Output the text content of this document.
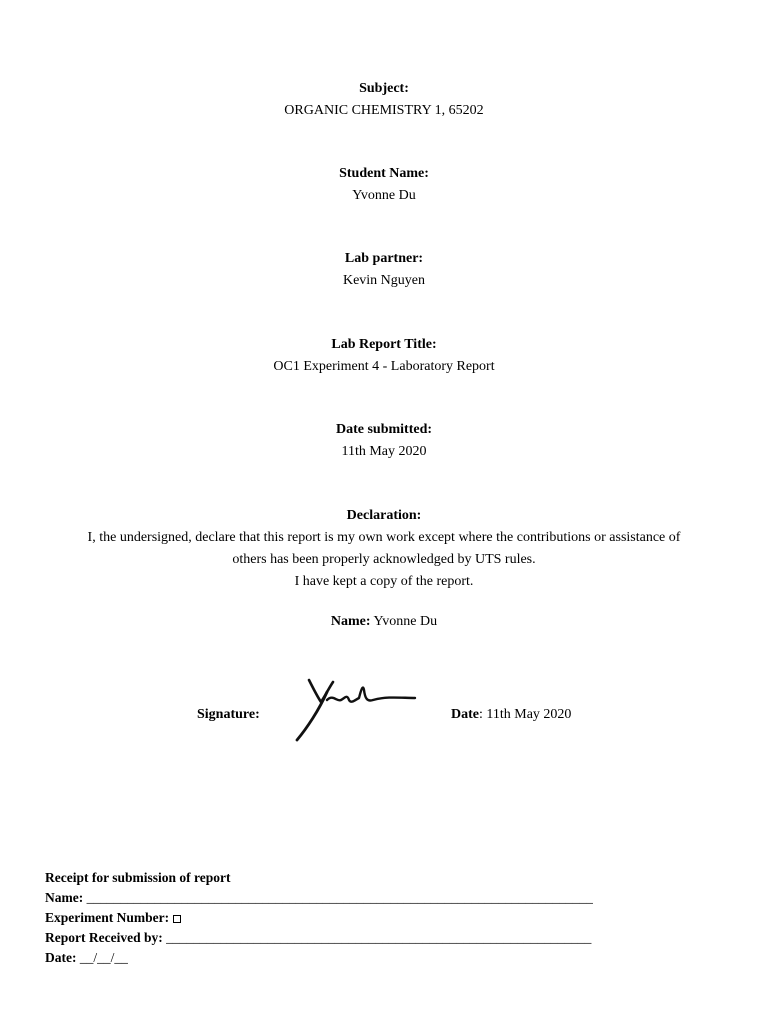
Subject:
ORGANIC CHEMISTRY 1, 65202
Student Name:
Yvonne Du
Lab partner:
Kevin Nguyen
Lab Report Title:
OC1 Experiment 4 - Laboratory Report
Date submitted:
11th May 2020
Declaration:
I, the undersigned, declare that this report is my own work except where the contributions or assistance of
others has been properly acknowledged by UTS rules.
I have kept a copy of the report.
Name: Yvonne Du
Signature:	Date: 11th May 2020
Receipt for submission of report
Name: ___________________________________________________________________________
Experiment Number:
Report Received by: _______________________________________________________________
Date: __/__/__
